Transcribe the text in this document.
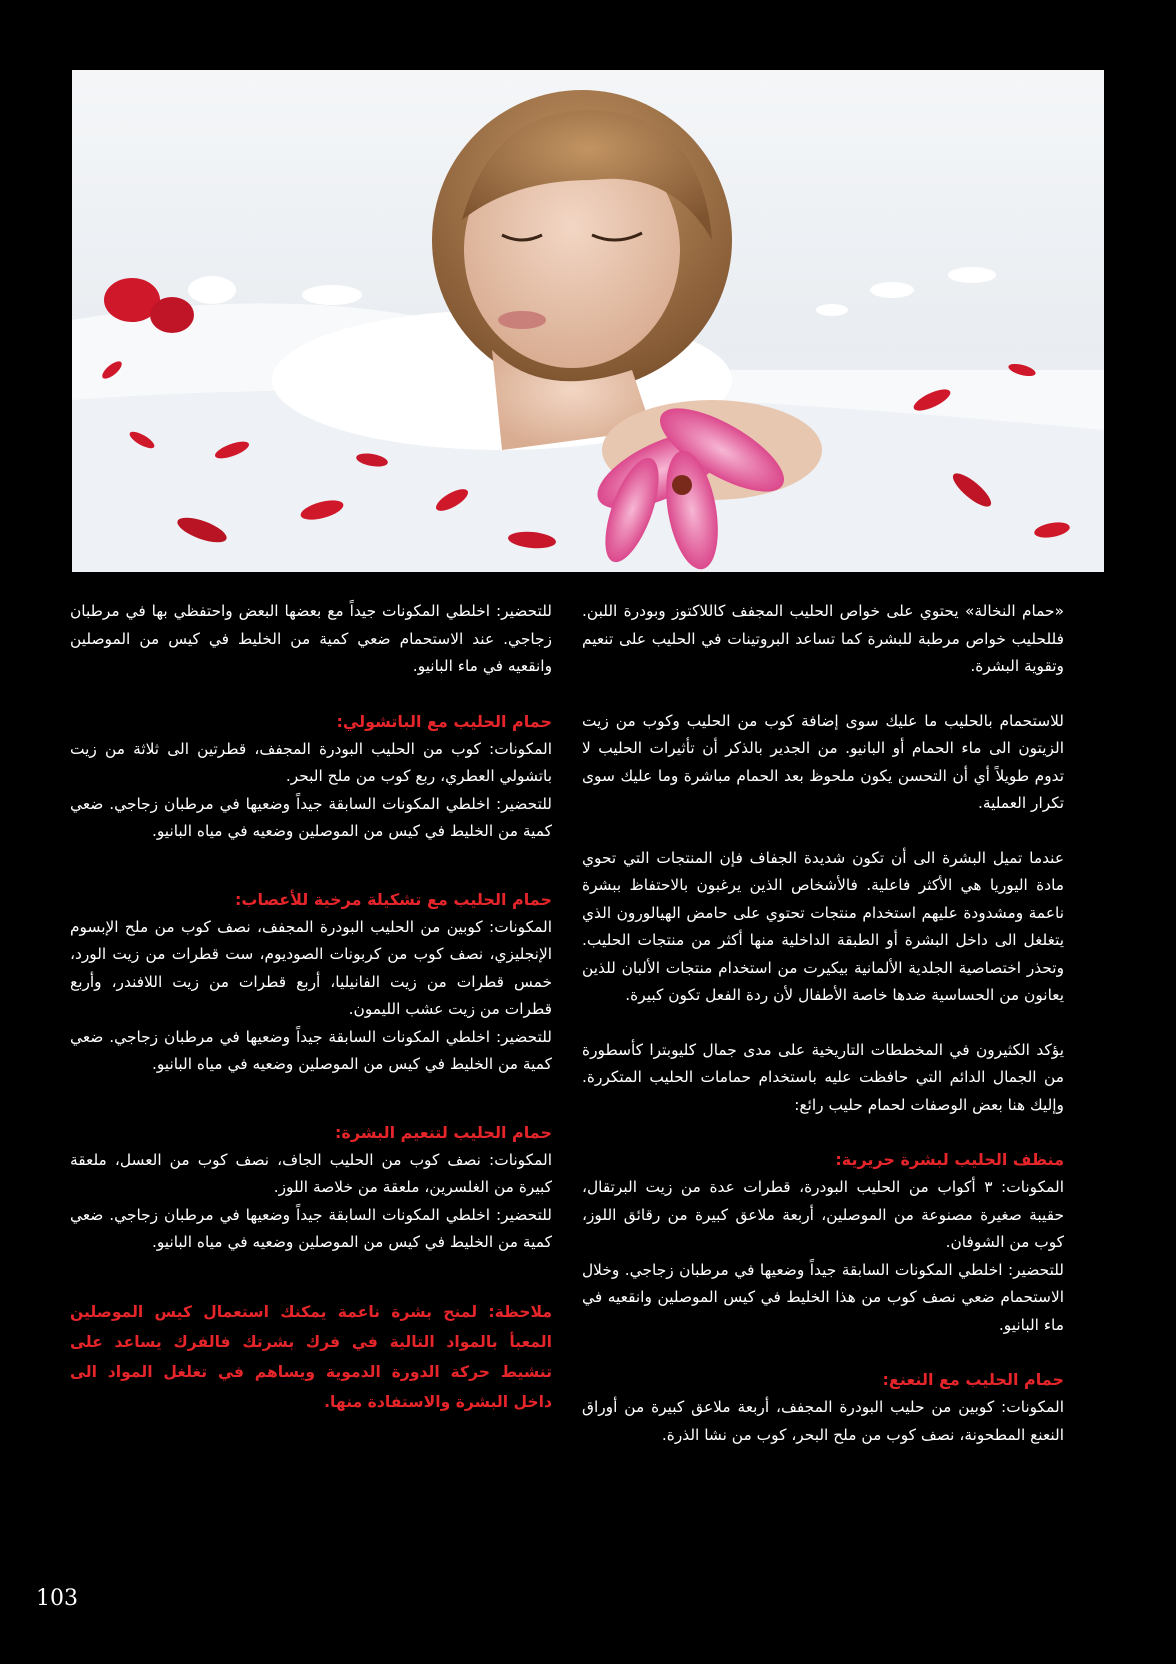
«حمام النخالة» يحتوي على خواص الحليب المجفف كاللاكتوز وبودرة اللبن. فللحليب خواص مرطبة للبشرة كما تساعد البروتينات في الحليب على تنعيم وتقوية البشرة.

للاستحمام بالحليب ما عليك سوى إضافة كوب من الحليب وكوب من زيت الزيتون الى ماء الحمام أو البانيو. من الجدير بالذكر أن تأثيرات الحليب لا تدوم طويلاً أي أن التحسن يكون ملحوظ بعد الحمام مباشرة وما عليك سوى تكرار العملية.

عندما تميل البشرة الى أن تكون شديدة الجفاف فإن المنتجات التي تحوي مادة اليوريا هي الأكثر فاعلية. فالأشخاص الذين يرغبون بالاحتفاظ ببشرة ناعمة ومشدودة عليهم استخدام منتجات تحتوي على حامض الهيالورون الذي يتغلغل الى داخل البشرة أو الطبقة الداخلية منها أكثر من منتجات الحليب. وتحذر اختصاصية الجلدية الألمانية بيكيرت من استخدام منتجات الألبان للذين يعانون من الحساسية ضدها خاصة الأطفال لأن ردة الفعل تكون كبيرة.

يؤكد الكثيرون في المخططات التاريخية على مدى جمال كليوبترا كأسطورة من الجمال الدائم التي حافظت عليه باستخدام حمامات الحليب المتكررة. وإليك هنا بعض الوصفات لحمام حليب رائع:

منظف الحليب لبشرة حريرية:

المكونات: ٣ أكواب من الحليب البودرة، قطرات عدة من زيت البرتقال، حقيبة صغيرة مصنوعة من الموصلين، أربعة ملاعق كبيرة من رقائق اللوز، كوب من الشوفان.

للتحضير: اخلطي المكونات السابقة جيداً وضعيها في مرطبان زجاجي. وخلال الاستحمام ضعي نصف كوب من هذا الخليط في كيس الموصلين وانقعيه في ماء البانيو.

حمام الحليب مع النعنع:

المكونات: كوبين من حليب البودرة المجفف، أربعة ملاعق كبيرة من أوراق النعنع المطحونة، نصف كوب من ملح البحر، كوب من نشا الذرة.

للتحضير: اخلطي المكونات جيداً مع بعضها البعض واحتفظي بها في مرطبان زجاجي. عند الاستحمام ضعي كمية من الخليط في كيس من الموصلين وانقعيه في ماء البانيو.

حمام الحليب مع الباتشولي:

المكونات: كوب من الحليب البودرة المجفف، قطرتين الى ثلاثة من زيت باتشولي العطري، ربع كوب من ملح البحر.

للتحضير: اخلطي المكونات السابقة جيداً وضعيها في مرطبان زجاجي. ضعي كمية من الخليط في كيس من الموصلين وضعيه في مياه البانيو.

حمام الحليب مع تشكيلة مرخية للأعصاب:

المكونات: كوبين من الحليب البودرة المجفف، نصف كوب من ملح الإبسوم الإنجليزي، نصف كوب من كربونات الصوديوم، ست قطرات من زيت الورد، خمس قطرات من زيت الفانيليا، أربع قطرات من زيت اللافندر، وأربع قطرات من زيت عشب الليمون.

للتحضير: اخلطي المكونات السابقة جيداً وضعيها في مرطبان زجاجي. ضعي كمية من الخليط في كيس من الموصلين وضعيه في مياه البانيو.

حمام الحليب لتنعيم البشرة:

المكونات: نصف كوب من الحليب الجاف، نصف كوب من العسل، ملعقة كبيرة من الغلسرين، ملعقة من خلاصة اللوز.

للتحضير: اخلطي المكونات السابقة جيداً وضعيها في مرطبان زجاجي. ضعي كمية من الخليط في كيس من الموصلين وضعيه في مياه البانيو.

ملاحظة: لمنح بشرة ناعمة يمكنك استعمال كيس الموصلين المعبأ بالمواد التالية في فرك بشرتك فالفرك يساعد على تنشيط حركة الدورة الدموية ويساهم في تغلغل المواد الى داخل البشرة والاستفادة منها.

103
